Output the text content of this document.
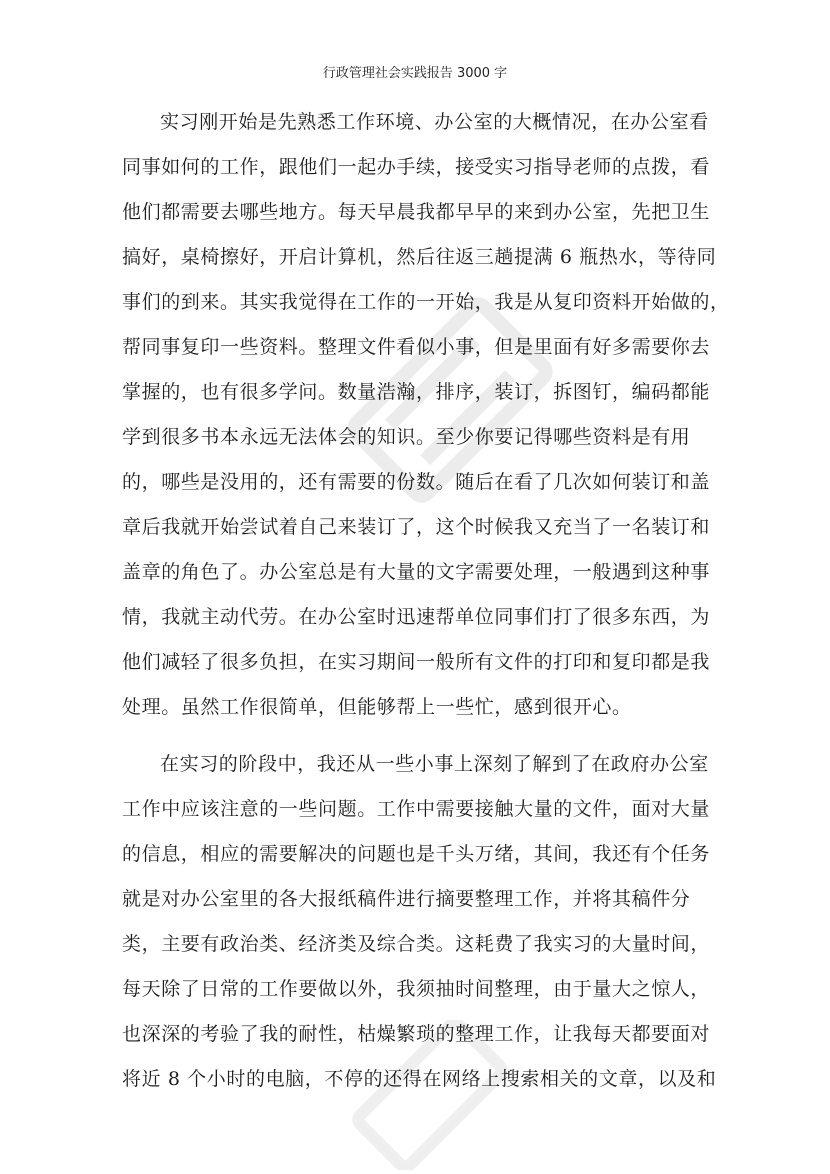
行政管理社会实践报告 3000 字
实习刚开始是先熟悉工作环境、办公室的大概情况，在办公室看
同事如何的工作，跟他们一起办手续，接受实习指导老师的点拨，看
他们都需要去哪些地方。每天早晨我都早早的来到办公室，先把卫生
搞好，桌椅擦好，开启计算机，然后往返三趟提满 6 瓶热水，等待同
事们的到来。其实我觉得在工作的一开始，我是从复印资料开始做的，
帮同事复印一些资料。整理文件看似小事，但是里面有好多需要你去
掌握的，也有很多学问。数量浩瀚，排序，装订，拆图钉，编码都能
学到很多书本永远无法体会的知识。至少你要记得哪些资料是有用
的，哪些是没用的，还有需要的份数。随后在看了几次如何装订和盖
章后我就开始尝试着自己来装订了，这个时候我又充当了一名装订和
盖章的角色了。办公室总是有大量的文字需要处理，一般遇到这种事
情，我就主动代劳。在办公室时迅速帮单位同事们打了很多东西，为
他们减轻了很多负担，在实习期间一般所有文件的打印和复印都是我
处理。虽然工作很简单，但能够帮上一些忙，感到很开心。
在实习的阶段中，我还从一些小事上深刻了解到了在政府办公室
工作中应该注意的一些问题。工作中需要接触大量的文件，面对大量
的信息，相应的需要解决的问题也是千头万绪，其间，我还有个任务
就是对办公室里的各大报纸稿件进行摘要整理工作，并将其稿件分
类，主要有政治类、经济类及综合类。这耗费了我实习的大量时间，
每天除了日常的工作要做以外，我须抽时间整理，由于量大之惊人，
也深深的考验了我的耐性，枯燥繁琐的整理工作，让我每天都要面对
将近 8 个小时的电脑，不停的还得在网络上搜索相关的文章，以及和
